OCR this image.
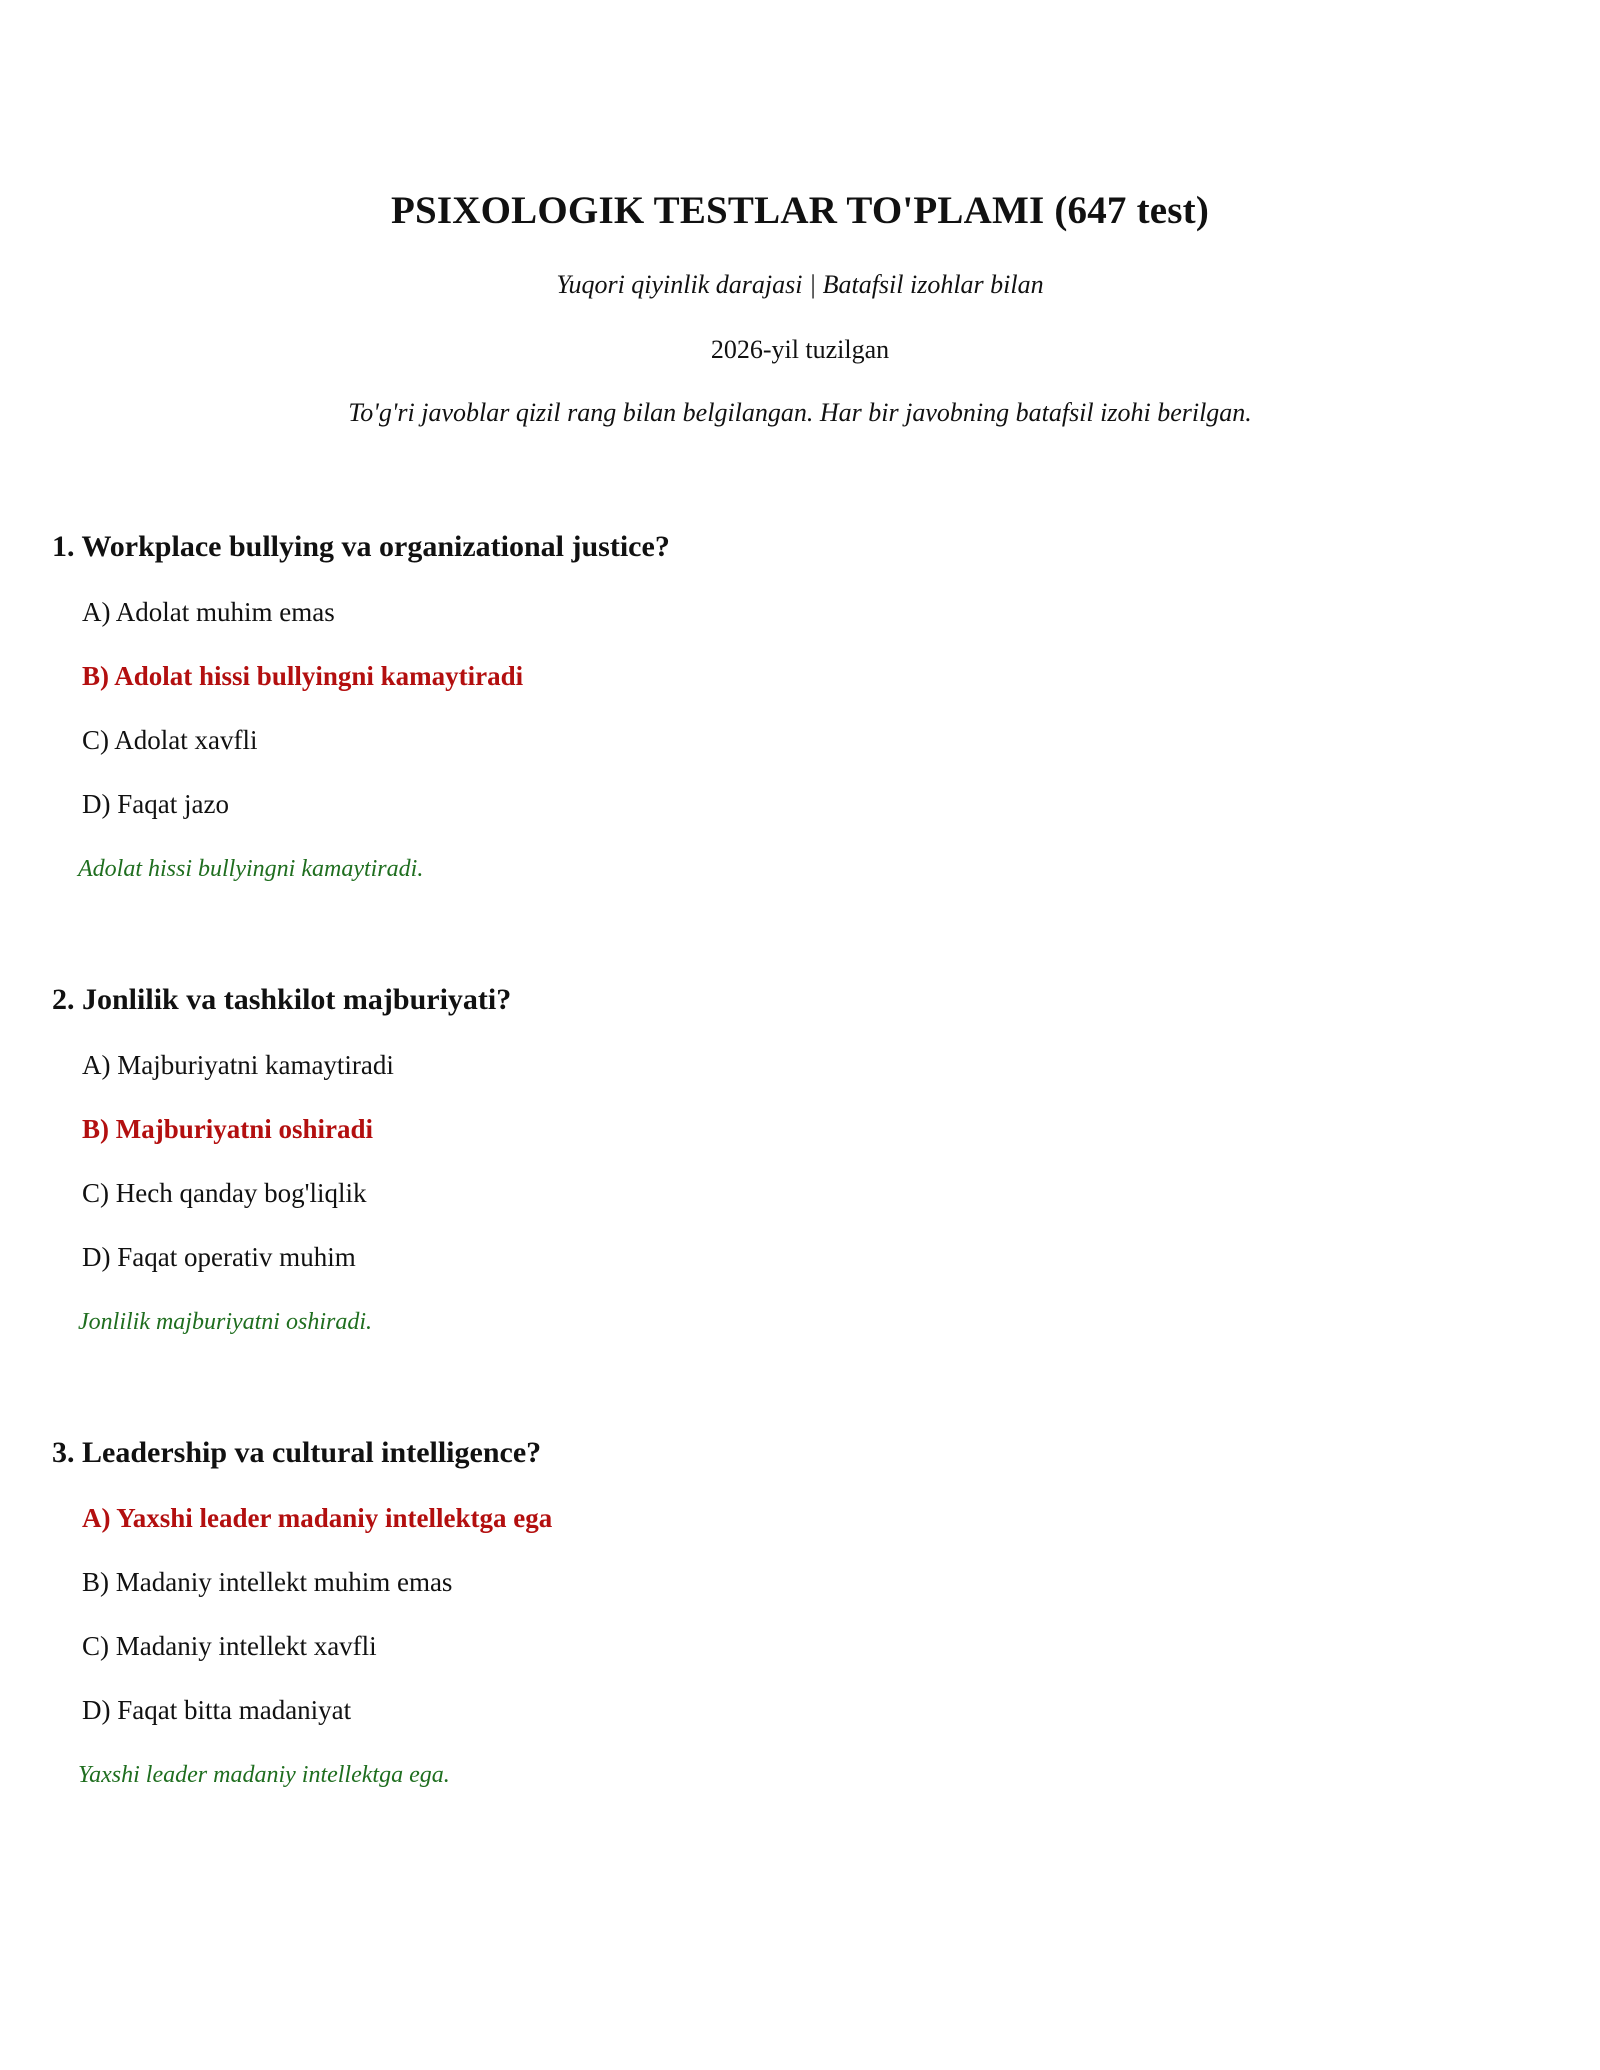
PSIXOLOGIK TESTLAR TO'PLAMI (647 test)
Yuqori qiyinlik darajasi | Batafsil izohlar bilan
2026-yil tuzilgan
To'g'ri javoblar qizil rang bilan belgilangan. Har bir javobning batafsil izohi berilgan.
1. Workplace bullying va organizational justice?
A) Adolat muhim emas
B) Adolat hissi bullyingni kamaytiradi
C) Adolat xavfli
D) Faqat jazo
Adolat hissi bullyingni kamaytiradi.
2. Jonlilik va tashkilot majburiyati?
A) Majburiyatni kamaytiradi
B) Majburiyatni oshiradi
C) Hech qanday bog'liqlik
D) Faqat operativ muhim
Jonlilik majburiyatni oshiradi.
3. Leadership va cultural intelligence?
A) Yaxshi leader madaniy intellektga ega
B) Madaniy intellekt muhim emas
C) Madaniy intellekt xavfli
D) Faqat bitta madaniyat
Yaxshi leader madaniy intellektga ega.
